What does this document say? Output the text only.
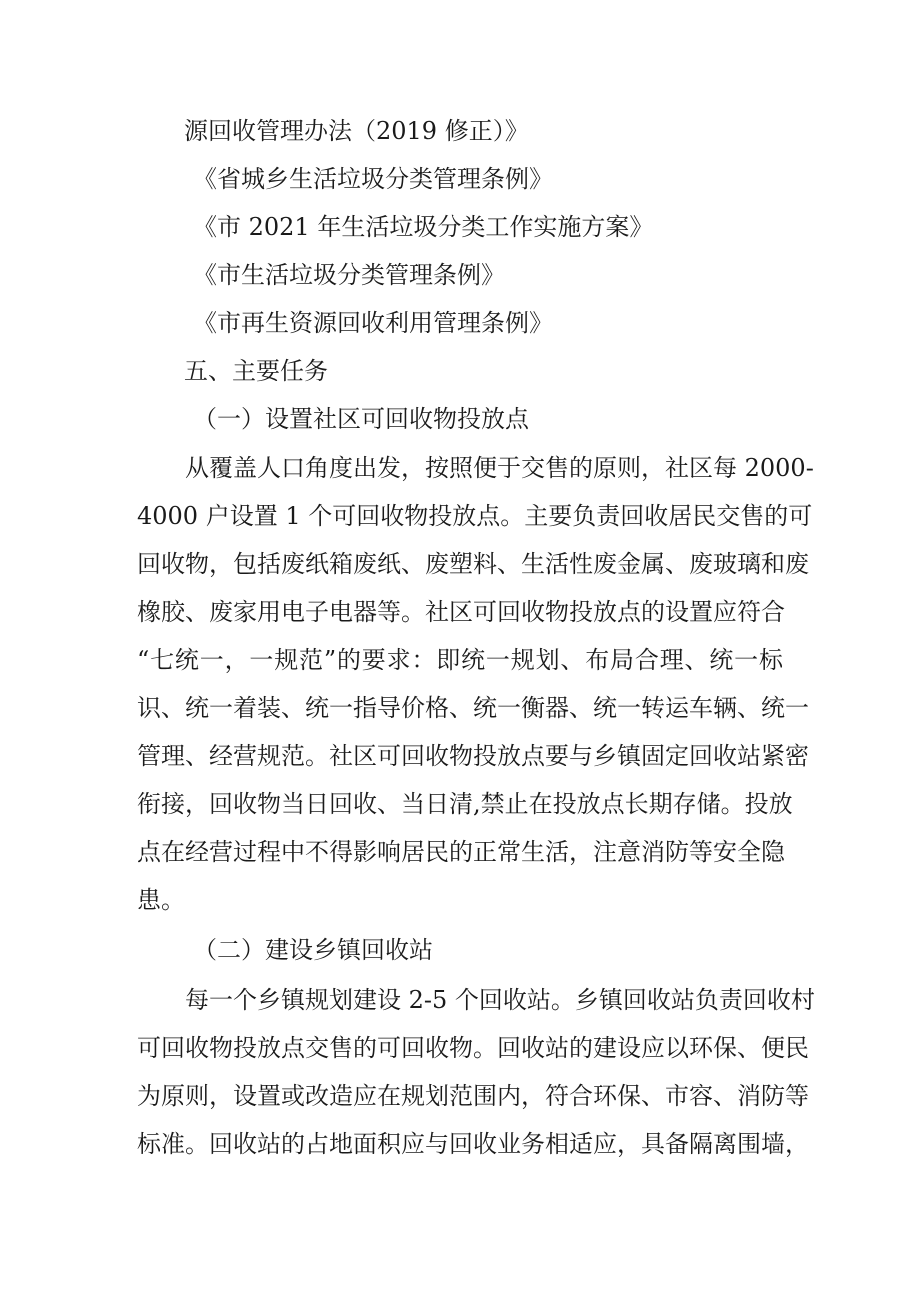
源回收管理办法（2019 修正）》
《省城乡生活垃圾分类管理条例》
《市 2021 年生活垃圾分类工作实施方案》
《市生活垃圾分类管理条例》
《市再生资源回收利用管理条例》
五、主要任务
（一）设置社区可回收物投放点
从覆盖人口角度出发，按照便于交售的原则，社区每 2000-
4000 户设置 1 个可回收物投放点。主要负责回收居民交售的可
回收物，包括废纸箱废纸、废塑料、生活性废金属、废玻璃和废
橡胶、废家用电子电器等。社区可回收物投放点的设置应符合
“七统一，一规范”的要求：即统一规划、布局合理、统一标
识、统一着装、统一指导价格、统一衡器、统一转运车辆、统一
管理、经营规范。社区可回收物投放点要与乡镇固定回收站紧密
衔接，回收物当日回收、当日清,禁止在投放点长期存储。投放
点在经营过程中不得影响居民的正常生活，注意消防等安全隐
患。
（二）建设乡镇回收站
每一个乡镇规划建设 2-5 个回收站。乡镇回收站负责回收村
可回收物投放点交售的可回收物。回收站的建设应以环保、便民
为原则，设置或改造应在规划范围内，符合环保、市容、消防等
标准。回收站的占地面积应与回收业务相适应，具备隔离围墙，
